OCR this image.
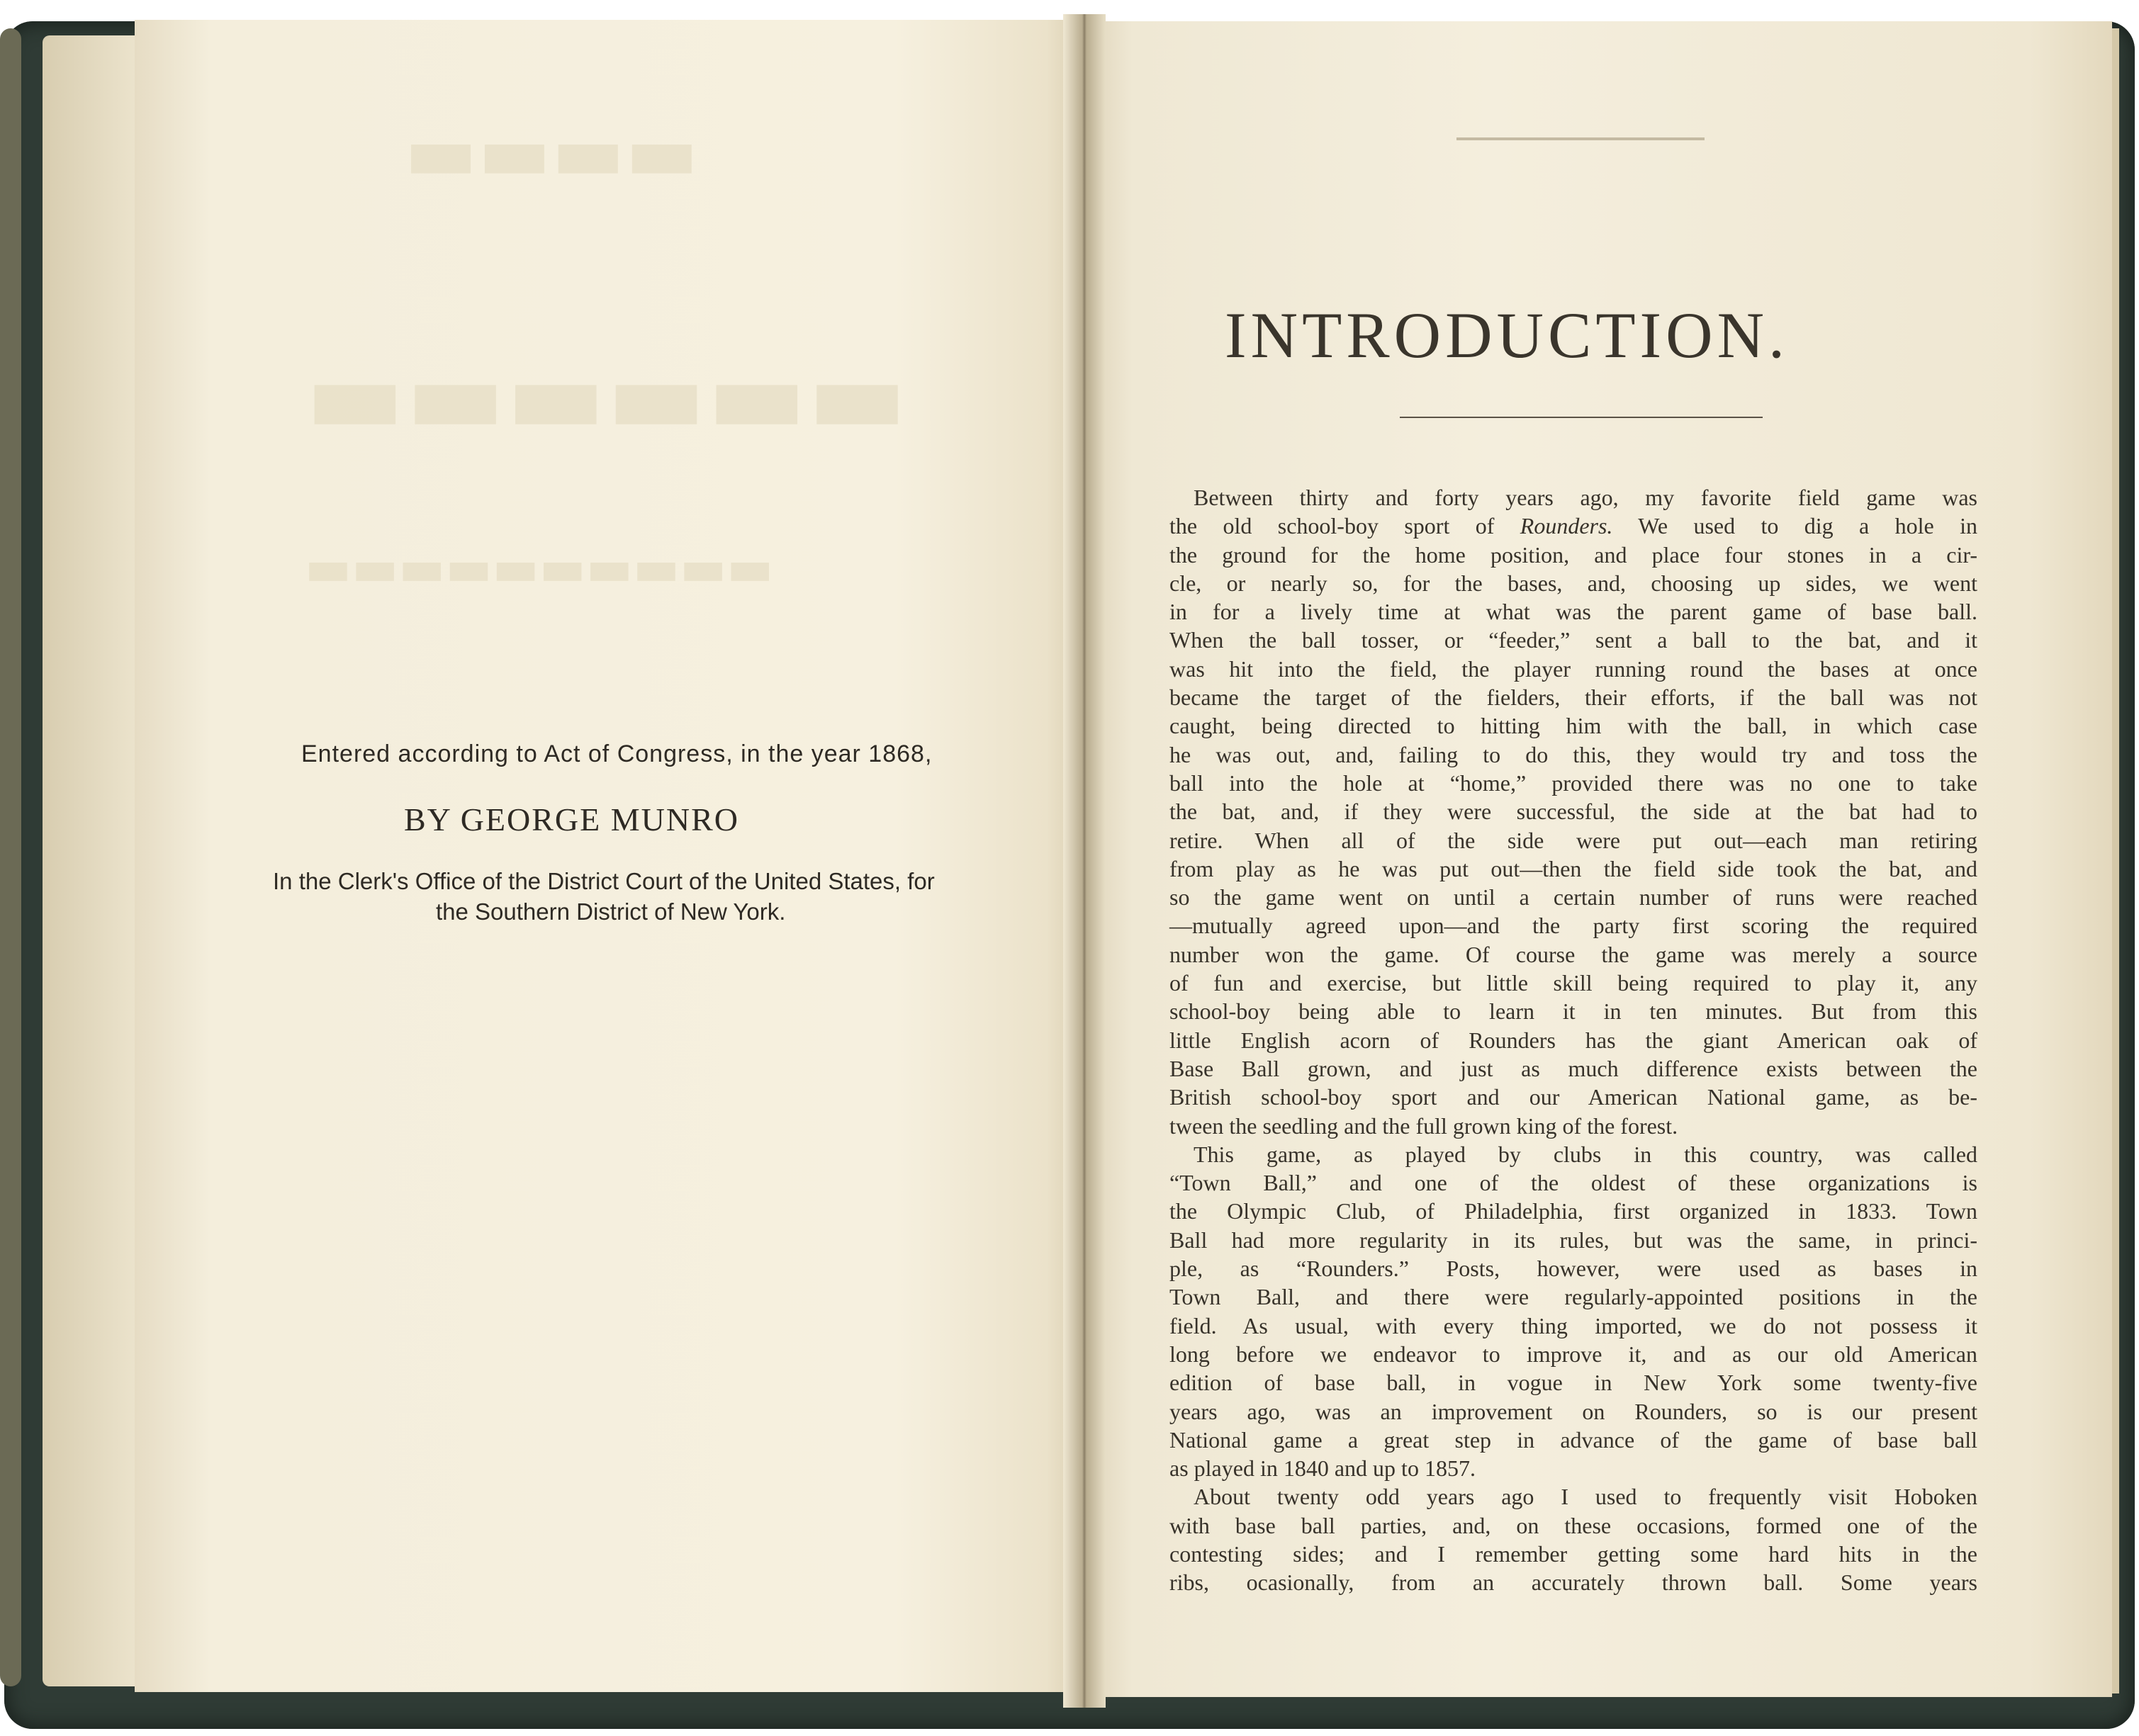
▬▬▬▬
▬▬▬▬▬▬
▬▬▬▬▬▬▬▬▬▬
Entered according to Act of Congress, in the year 1868,
BY GEORGE MUNRO
In the Clerk's Office of the District Court of the United States, for
the Southern District of New York.
INTRODUCTION.
Between thirty and forty years ago, my favorite field game was
the old school-boy sport of Rounders. We used to dig a hole in
the ground for the home position, and place four stones in a cir-
cle, or nearly so, for the bases, and, choosing up sides, we went
in for a lively time at what was the parent game of base ball.
When the ball tosser, or “feeder,” sent a ball to the bat, and it
was hit into the field, the player running round the bases at once
became the target of the fielders, their efforts, if the ball was not
caught, being directed to hitting him with the ball, in which case
he was out, and, failing to do this, they would try and toss the
ball into the hole at “home,” provided there was no one to take
the bat, and, if they were successful, the side at the bat had to
retire. When all of the side were put out—each man retiring
from play as he was put out—then the field side took the bat, and
so the game went on until a certain number of runs were reached
—mutually agreed upon—and the party first scoring the required
number won the game. Of course the game was merely a source
of fun and exercise, but little skill being required to play it, any
school-boy being able to learn it in ten minutes. But from this
little English acorn of Rounders has the giant American oak of
Base Ball grown, and just as much difference exists between the
British school-boy sport and our American National game, as be-
tween the seedling and the full grown king of the forest.
This game, as played by clubs in this country, was called
“Town Ball,” and one of the oldest of these organizations is
the Olympic Club, of Philadelphia, first organized in 1833. Town
Ball had more regularity in its rules, but was the same, in princi-
ple, as “Rounders.” Posts, however, were used as bases in
Town Ball, and there were regularly-appointed positions in the
field. As usual, with every thing imported, we do not possess it
long before we endeavor to improve it, and as our old American
edition of base ball, in vogue in New York some twenty-five
years ago, was an improvement on Rounders, so is our present
National game a great step in advance of the game of base ball
as played in 1840 and up to 1857.
About twenty odd years ago I used to frequently visit Hoboken
with base ball parties, and, on these occasions, formed one of the
contesting sides; and I remember getting some hard hits in the
ribs, ocasionally, from an accurately thrown ball. Some years
